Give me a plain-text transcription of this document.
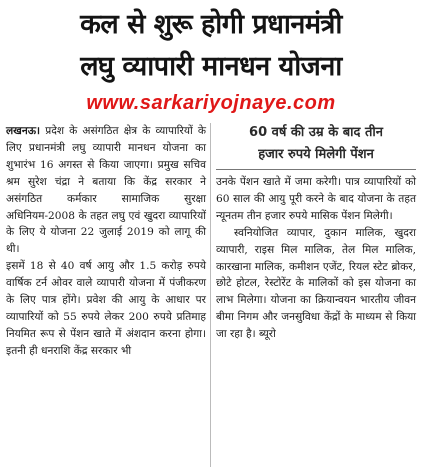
कल से शुरू होगी प्रधानमंत्री
लघु व्यापारी मानधन योजना
www.sarkariyojnaye.com

लखनऊ। प्रदेश के असंगठित क्षेत्र के व्यापारियों के लिए प्रधानमंत्री लघु व्यापारी मानधन योजना का शुभारंभ 16 अगस्त से किया जाएगा। प्रमुख सचिव श्रम सुरेश चंद्रा ने बताया कि केंद्र सरकार ने असंगठित कर्मकार सामाजिक सुरक्षा अधिनियम-2008 के तहत लघु एवं खुदरा व्यापारियों के लिए ये योजना 22 जुलाई 2019 को लागू की थी।

इसमें 18 से 40 वर्ष आयु और 1.5 करोड़ रुपये वार्षिक टर्न ओवर वाले व्यापारी योजना में पंजीकरण के लिए पात्र होंगे। प्रवेश की आयु के आधार पर व्यापारियों को 55 रुपये लेकर 200 रुपये प्रतिमाह नियमित रूप से पेंशन खाते में अंशदान करना होगा। इतनी ही धनराशि केंद्र सरकार भी

60 वर्ष की उम्र के बाद तीन
हजार रुपये मिलेगी पेंशन

उनके पेंशन खाते में जमा करेगी। पात्र व्यापारियों को 60 साल की आयु पूरी करने के बाद योजना के तहत न्यूनतम तीन हजार रुपये मासिक पेंशन मिलेगी।

स्वनियोजित व्यापार, दुकान मालिक, खुदरा व्यापारी, राइस मिल मालिक, तेल मिल मालिक, कारखाना मालिक, कमीशन एजेंट, रियल स्टेट ब्रोकर, छोटे होटल, रेस्टोरेंट के मालिकों को इस योजना का लाभ मिलेगा। योजना का क्रियान्वयन भारतीय जीवन बीमा निगम और जनसुविधा केंद्रों के माध्यम से किया जा रहा है। ब्यूरो
